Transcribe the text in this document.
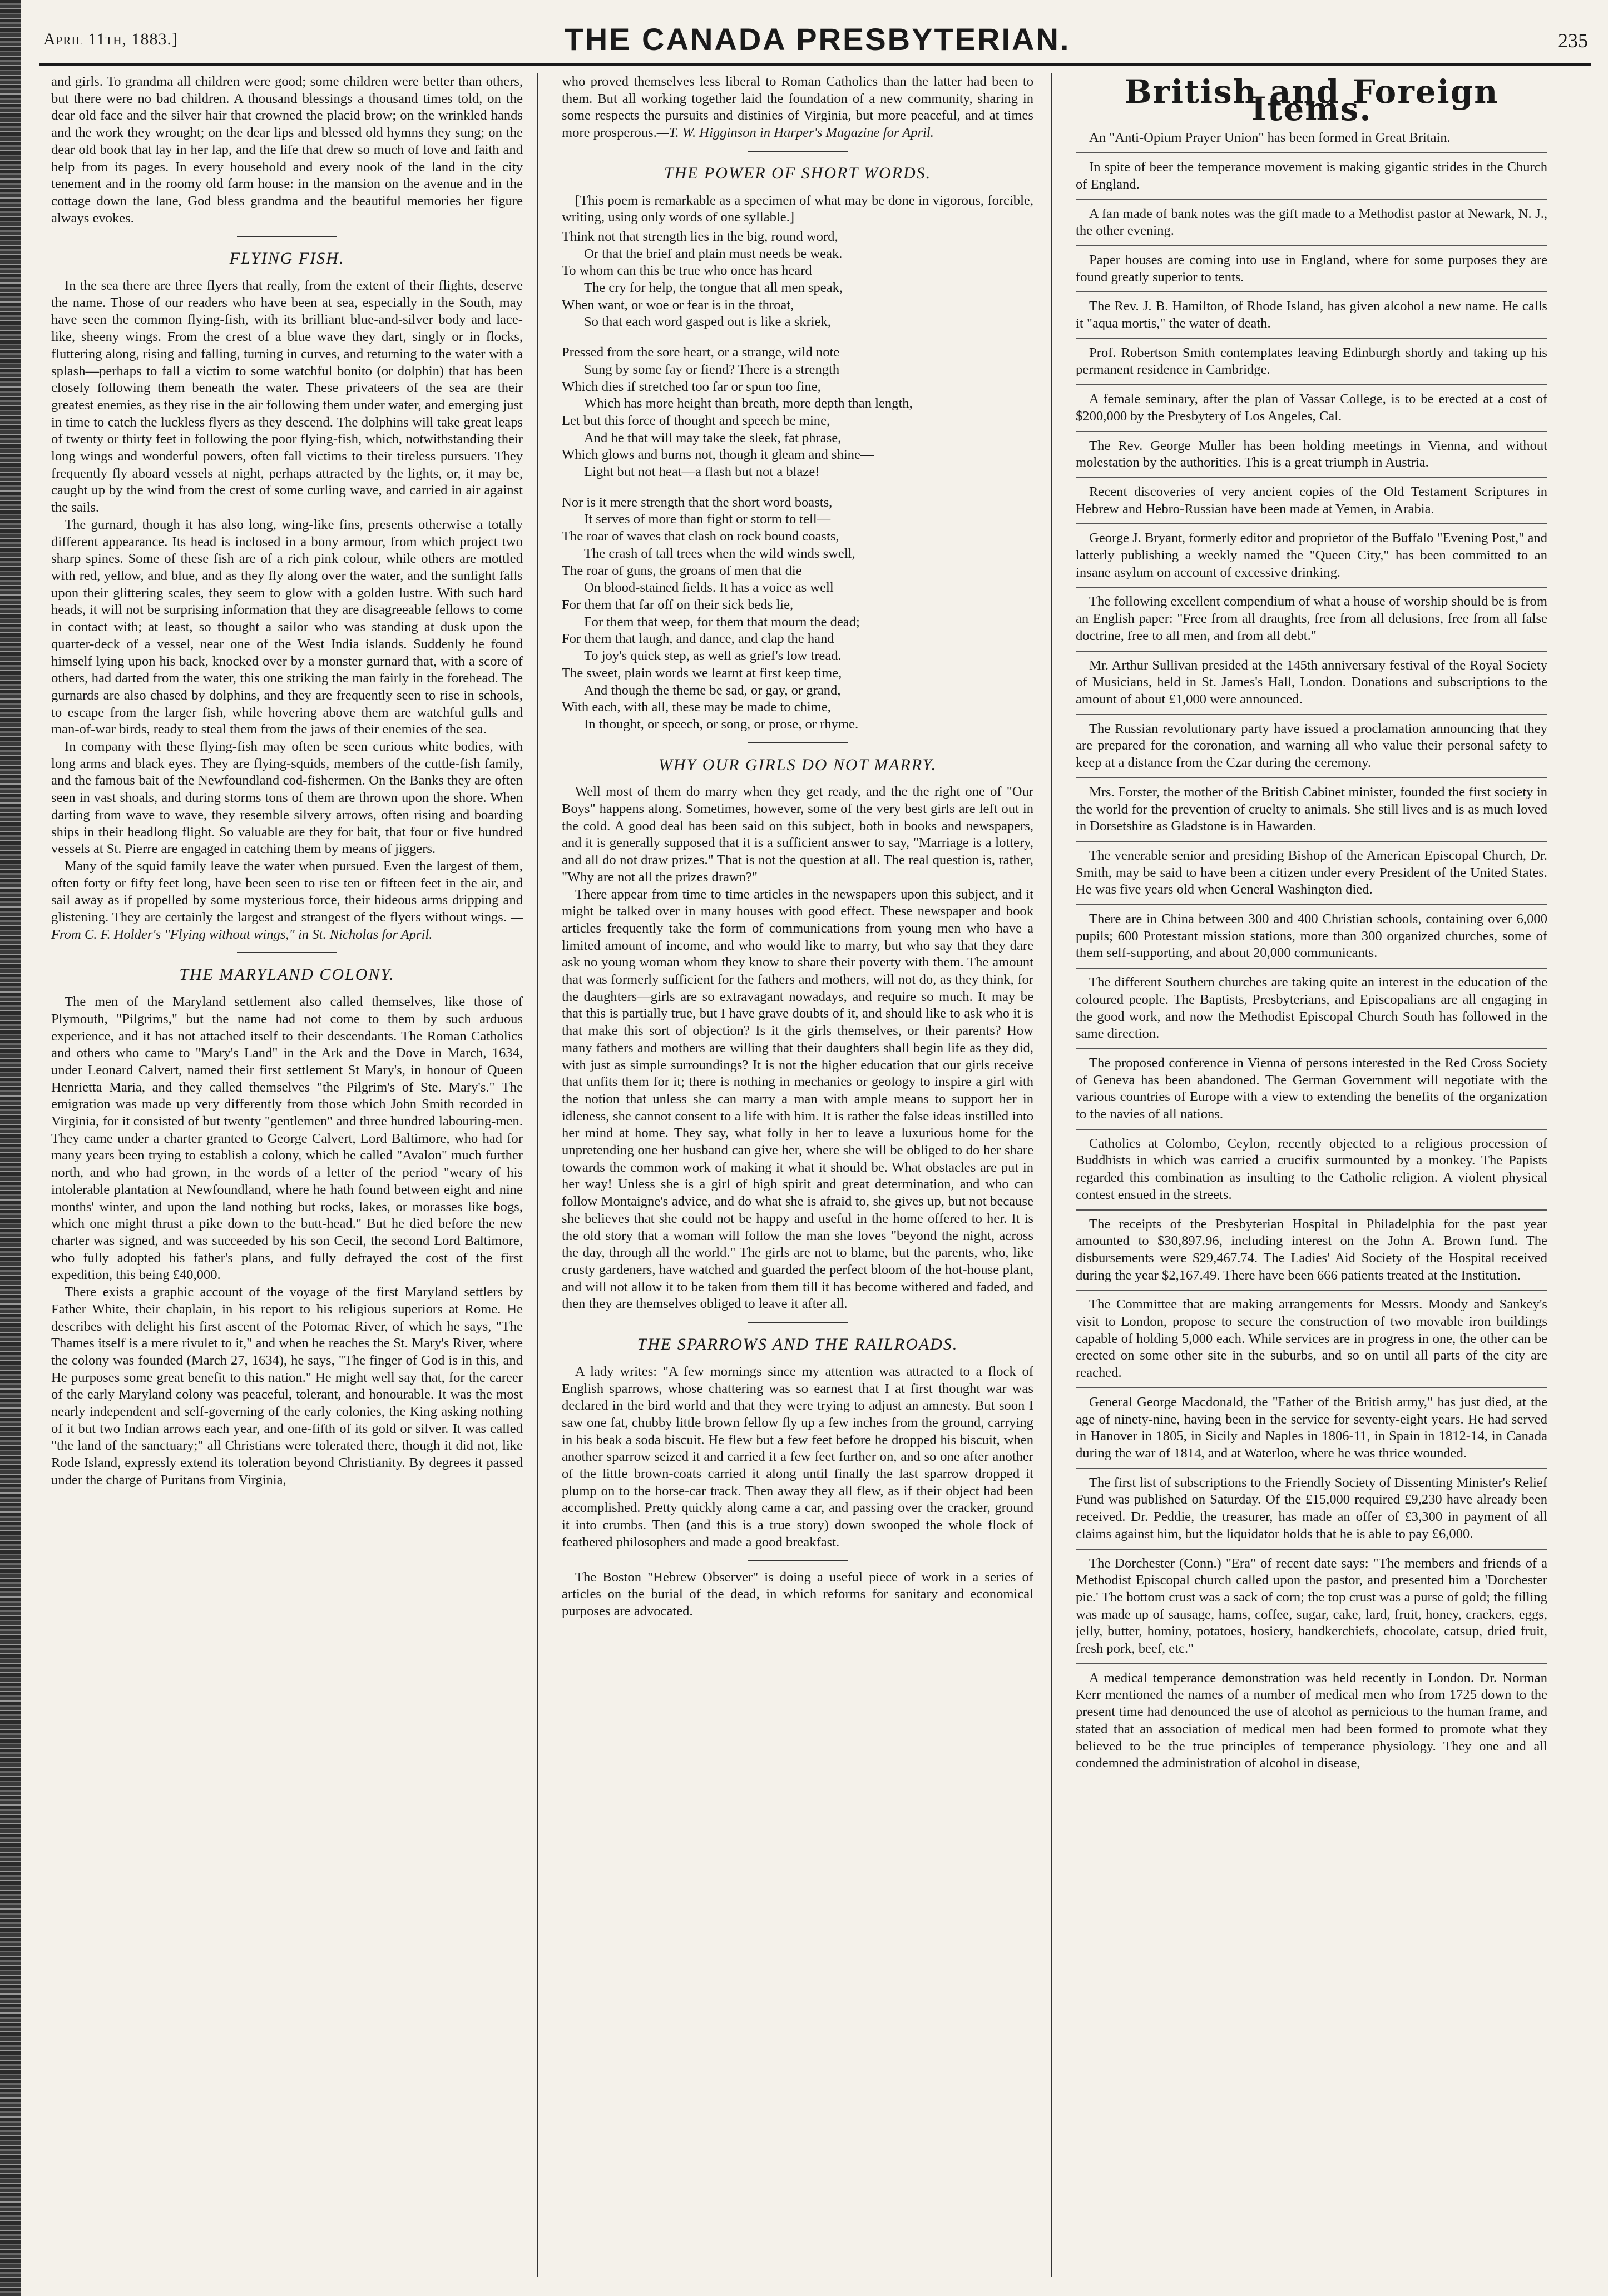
April 11th, 1883.]	THE CANADA PRESBYTERIAN.	235

and girls. To grandma all children were good; some children were better than others, but there were no bad children. A thousand blessings a thousand times told, on the dear old face and the silver hair that crowned the placid brow; on the wrinkled hands and the work they wrought; on the dear lips and blessed old hymns they sung; on the dear old book that lay in her lap, and the life that drew so much of love and faith and help from its pages. In every household and every nook of the land in the city tenement and in the roomy old farm house: in the mansion on the avenue and in the cottage down the lane, God bless grandma and the beautiful memories her figure always evokes.

FLYING FISH.

In the sea there are three flyers that really, from the extent of their flights, deserve the name. Those of our readers who have been at sea, especially in the South, may have seen the common flying-fish, with its brilliant blue-and-silver body and lace-like, sheeny wings. From the crest of a blue wave they dart, singly or in flocks, fluttering along, rising and falling, turning in curves, and returning to the water with a splash—perhaps to fall a victim to some watchful bonito (or dolphin) that has been closely following them beneath the water. These privateers of the sea are their greatest enemies, as they rise in the air following them under water, and emerging just in time to catch the luckless flyers as they descend. The dolphins will take great leaps of twenty or thirty feet in following the poor flying-fish, which, notwithstanding their long wings and wonderful powers, often fall victims to their tireless pursuers. They frequently fly aboard vessels at night, perhaps attracted by the lights, or, it may be, caught up by the wind from the crest of some curling wave, and carried in air against the sails.

The gurnard, though it has also long, wing-like fins, presents otherwise a totally different appearance. Its head is inclosed in a bony armour, from which project two sharp spines. Some of these fish are of a rich pink colour, while others are mottled with red, yellow, and blue, and as they fly along over the water, and the sunlight falls upon their glittering scales, they seem to glow with a golden lustre. With such hard heads, it will not be surprising information that they are disagreeable fellows to come in contact with; at least, so thought a sailor who was standing at dusk upon the quarter-deck of a vessel, near one of the West India islands. Suddenly he found himself lying upon his back, knocked over by a monster gurnard that, with a score of others, had darted from the water, this one striking the man fairly in the forehead. The gurnards are also chased by dolphins, and they are frequently seen to rise in schools, to escape from the larger fish, while hovering above them are watchful gulls and man-of-war birds, ready to steal them from the jaws of their enemies of the sea.

In company with these flying-fish may often be seen curious white bodies, with long arms and black eyes. They are flying-squids, members of the cuttle-fish family, and the famous bait of the Newfoundland cod-fishermen. On the Banks they are often seen in vast shoals, and during storms tons of them are thrown upon the shore. When darting from wave to wave, they resemble silvery arrows, often rising and boarding ships in their headlong flight. So valuable are they for bait, that four or five hundred vessels at St. Pierre are engaged in catching them by means of jiggers.

Many of the squid family leave the water when pursued. Even the largest of them, often forty or fifty feet long, have been seen to rise ten or fifteen feet in the air, and sail away as if propelled by some mysterious force, their hideous arms dripping and glistening. They are certainly the largest and strangest of the flyers without wings. —From C. F. Holder's "Flying without wings," in St. Nicholas for April.

THE MARYLAND COLONY.

The men of the Maryland settlement also called themselves, like those of Plymouth, "Pilgrims," but the name had not come to them by such arduous experience, and it has not attached itself to their descendants. The Roman Catholics and others who came to "Mary's Land" in the Ark and the Dove in March, 1634, under Leonard Calvert, named their first settlement St Mary's, in honour of Queen Henrietta Maria, and they called themselves "the Pilgrim's of Ste. Mary's." The emigration was made up very differently from those which John Smith recorded in Virginia, for it consisted of but twenty "gentlemen" and three hundred labouring-men. They came under a charter granted to George Calvert, Lord Baltimore, who had for many years been trying to establish a colony, which he called "Avalon" much further north, and who had grown, in the words of a letter of the period "weary of his intolerable plantation at Newfoundland, where he hath found between eight and nine months' winter, and upon the land nothing but rocks, lakes, or morasses like bogs, which one might thrust a pike down to the butt-head." But he died before the new charter was signed, and was succeeded by his son Cecil, the second Lord Baltimore, who fully adopted his father's plans, and fully defrayed the cost of the first expedition, this being £40,000.

There exists a graphic account of the voyage of the first Maryland settlers by Father White, their chaplain, in his report to his religious superiors at Rome. He describes with delight his first ascent of the Potomac River, of which he says, "The Thames itself is a mere rivulet to it," and when he reaches the St. Mary's River, where the colony was founded (March 27, 1634), he says, "The finger of God is in this, and He purposes some great benefit to this nation." He might well say that, for the career of the early Maryland colony was peaceful, tolerant, and honourable. It was the most nearly independent and self-governing of the early colonies, the King asking nothing of it but two Indian arrows each year, and one-fifth of its gold or silver. It was called "the land of the sanctuary;" all Christians were tolerated there, though it did not, like Rode Island, expressly extend its toleration beyond Christianity. By degrees it passed under the charge of Puritans from Virginia,

who proved themselves less liberal to Roman Catholics than the latter had been to them. But all working together laid the foundation of a new community, sharing in some respects the pursuits and distinies of Virginia, but more peaceful, and at times more prosperous.—T. W. Higginson in Harper's Magazine for April.

THE POWER OF SHORT WORDS.

[This poem is remarkable as a specimen of what may be done in vigorous, forcible, writing, using only words of one syllable.]

Think not that strength lies in the big, round word,
Or that the brief and plain must needs be weak.
To whom can this be true who once has heard
The cry for help, the tongue that all men speak,
When want, or woe or fear is in the throat,
So that each word gasped out is like a skriek,
Pressed from the sore heart, or a strange, wild note
Sung by some fay or fiend? There is a strength
Which dies if stretched too far or spun too fine,
Which has more height than breath, more depth than length,
Let but this force of thought and speech be mine,
And he that will may take the sleek, fat phrase,
Which glows and burns not, though it gleam and shine—
Light but not heat—a flash but not a blaze!
Nor is it mere strength that the short word boasts,
It serves of more than fight or storm to tell—
The roar of waves that clash on rock bound coasts,
The crash of tall trees when the wild winds swell,
The roar of guns, the groans of men that die
On blood-stained fields. It has a voice as well
For them that far off on their sick beds lie,
For them that weep, for them that mourn the dead;
For them that laugh, and dance, and clap the hand
To joy's quick step, as well as grief's low tread.
The sweet, plain words we learnt at first keep time,
And though the theme be sad, or gay, or grand,
With each, with all, these may be made to chime,
In thought, or speech, or song, or prose, or rhyme.
WHY OUR GIRLS DO NOT MARRY.

Well most of them do marry when they get ready, and the the right one of "Our Boys" happens along. Sometimes, however, some of the very best girls are left out in the cold. A good deal has been said on this subject, both in books and newspapers, and it is generally supposed that it is a sufficient answer to say, "Marriage is a lottery, and all do not draw prizes." That is not the question at all. The real question is, rather, "Why are not all the prizes drawn?"

There appear from time to time articles in the newspapers upon this subject, and it might be talked over in many houses with good effect. These newspaper and book articles frequently take the form of communications from young men who have a limited amount of income, and who would like to marry, but who say that they dare ask no young woman whom they know to share their poverty with them. The amount that was formerly sufficient for the fathers and mothers, will not do, as they think, for the daughters—girls are so extravagant nowadays, and require so much. It may be that this is partially true, but I have grave doubts of it, and should like to ask who it is that make this sort of objection? Is it the girls themselves, or their parents? How many fathers and mothers are willing that their daughters shall begin life as they did, with just as simple surroundings? It is not the higher education that our girls receive that unfits them for it; there is nothing in mechanics or geology to inspire a girl with the notion that unless she can marry a man with ample means to support her in idleness, she cannot consent to a life with him. It is rather the false ideas instilled into her mind at home. They say, what folly in her to leave a luxurious home for the unpretending one her husband can give her, where she will be obliged to do her share towards the common work of making it what it should be. What obstacles are put in her way! Unless she is a girl of high spirit and great determination, and who can follow Montaigne's advice, and do what she is afraid to, she gives up, but not because she believes that she could not be happy and useful in the home offered to her. It is the old story that a woman will follow the man she loves "beyond the night, across the day, through all the world." The girls are not to blame, but the parents, who, like crusty gardeners, have watched and guarded the perfect bloom of the hot-house plant, and will not allow it to be taken from them till it has become withered and faded, and then they are themselves obliged to leave it after all.

THE SPARROWS AND THE RAILROADS.

A lady writes: "A few mornings since my attention was attracted to a flock of English sparrows, whose chattering was so earnest that I at first thought war was declared in the bird world and that they were trying to adjust an amnesty. But soon I saw one fat, chubby little brown fellow fly up a few inches from the ground, carrying in his beak a soda biscuit. He flew but a few feet before he dropped his biscuit, when another sparrow seized it and carried it a few feet further on, and so one after another of the little brown-coats carried it along until finally the last sparrow dropped it plump on to the horse-car track. Then away they all flew, as if their object had been accomplished. Pretty quickly along came a car, and passing over the cracker, ground it into crumbs. Then (and this is a true story) down swooped the whole flock of feathered philosophers and made a good breakfast.

The Boston "Hebrew Observer" is doing a useful piece of work in a series of articles on the burial of the dead, in which reforms for sanitary and economical purposes are advocated.

British and Foreign Items.

An "Anti-Opium Prayer Union" has been formed in Great Britain.

In spite of beer the temperance movement is making gigantic strides in the Church of England.

A fan made of bank notes was the gift made to a Methodist pastor at Newark, N. J., the other evening.

Paper houses are coming into use in England, where for some purposes they are found greatly superior to tents.

The Rev. J. B. Hamilton, of Rhode Island, has given alcohol a new name. He calls it "aqua mortis," the water of death.

Prof. Robertson Smith contemplates leaving Edinburgh shortly and taking up his permanent residence in Cambridge.

A female seminary, after the plan of Vassar College, is to be erected at a cost of $200,000 by the Presbytery of Los Angeles, Cal.

The Rev. George Muller has been holding meetings in Vienna, and without molestation by the authorities. This is a great triumph in Austria.

Recent discoveries of very ancient copies of the Old Testament Scriptures in Hebrew and Hebro-Russian have been made at Yemen, in Arabia.

George J. Bryant, formerly editor and proprietor of the Buffalo "Evening Post," and latterly publishing a weekly named the "Queen City," has been committed to an insane asylum on account of excessive drinking.

The following excellent compendium of what a house of worship should be is from an English paper: "Free from all draughts, free from all delusions, free from all false doctrine, free to all men, and from all debt."

Mr. Arthur Sullivan presided at the 145th anniversary festival of the Royal Society of Musicians, held in St. James's Hall, London. Donations and subscriptions to the amount of about £1,000 were announced.

The Russian revolutionary party have issued a proclamation announcing that they are prepared for the coronation, and warning all who value their personal safety to keep at a distance from the Czar during the ceremony.

Mrs. Forster, the mother of the British Cabinet minister, founded the first society in the world for the prevention of cruelty to animals. She still lives and is as much loved in Dorsetshire as Gladstone is in Hawarden.

The venerable senior and presiding Bishop of the American Episcopal Church, Dr. Smith, may be said to have been a citizen under every President of the United States. He was five years old when General Washington died.

There are in China between 300 and 400 Christian schools, containing over 6,000 pupils; 600 Protestant mission stations, more than 300 organized churches, some of them self-supporting, and about 20,000 communicants.

The different Southern churches are taking quite an interest in the education of the coloured people. The Baptists, Presbyterians, and Episcopalians are all engaging in the good work, and now the Methodist Episcopal Church South has followed in the same direction.

The proposed conference in Vienna of persons interested in the Red Cross Society of Geneva has been abandoned. The German Government will negotiate with the various countries of Europe with a view to extending the benefits of the organization to the navies of all nations.

Catholics at Colombo, Ceylon, recently objected to a religious procession of Buddhists in which was carried a crucifix surmounted by a monkey. The Papists regarded this combination as insulting to the Catholic religion. A violent physical contest ensued in the streets.

The receipts of the Presbyterian Hospital in Philadelphia for the past year amounted to $30,897.96, including interest on the John A. Brown fund. The disbursements were $29,467.74. The Ladies' Aid Society of the Hospital received during the year $2,167.49. There have been 666 patients treated at the Institution.

The Committee that are making arrangements for Messrs. Moody and Sankey's visit to London, propose to secure the construction of two movable iron buildings capable of holding 5,000 each. While services are in progress in one, the other can be erected on some other site in the suburbs, and so on until all parts of the city are reached.

General George Macdonald, the "Father of the British army," has just died, at the age of ninety-nine, having been in the service for seventy-eight years. He had served in Hanover in 1805, in Sicily and Naples in 1806-11, in Spain in 1812-14, in Canada during the war of 1814, and at Waterloo, where he was thrice wounded.

The first list of subscriptions to the Friendly Society of Dissenting Minister's Relief Fund was published on Saturday. Of the £15,000 required £9,230 have already been received. Dr. Peddie, the treasurer, has made an offer of £3,300 in payment of all claims against him, but the liquidator holds that he is able to pay £6,000.

The Dorchester (Conn.) "Era" of recent date says: "The members and friends of a Methodist Episcopal church called upon the pastor, and presented him a 'Dorchester pie.' The bottom crust was a sack of corn; the top crust was a purse of gold; the filling was made up of sausage, hams, coffee, sugar, cake, lard, fruit, honey, crackers, eggs, jelly, butter, hominy, potatoes, hosiery, handkerchiefs, chocolate, catsup, dried fruit, fresh pork, beef, etc."

A medical temperance demonstration was held recently in London. Dr. Norman Kerr mentioned the names of a number of medical men who from 1725 down to the present time had denounced the use of alcohol as pernicious to the human frame, and stated that an association of medical men had been formed to promote what they believed to be the true principles of temperance physiology. They one and all condemned the administration of alcohol in disease,
